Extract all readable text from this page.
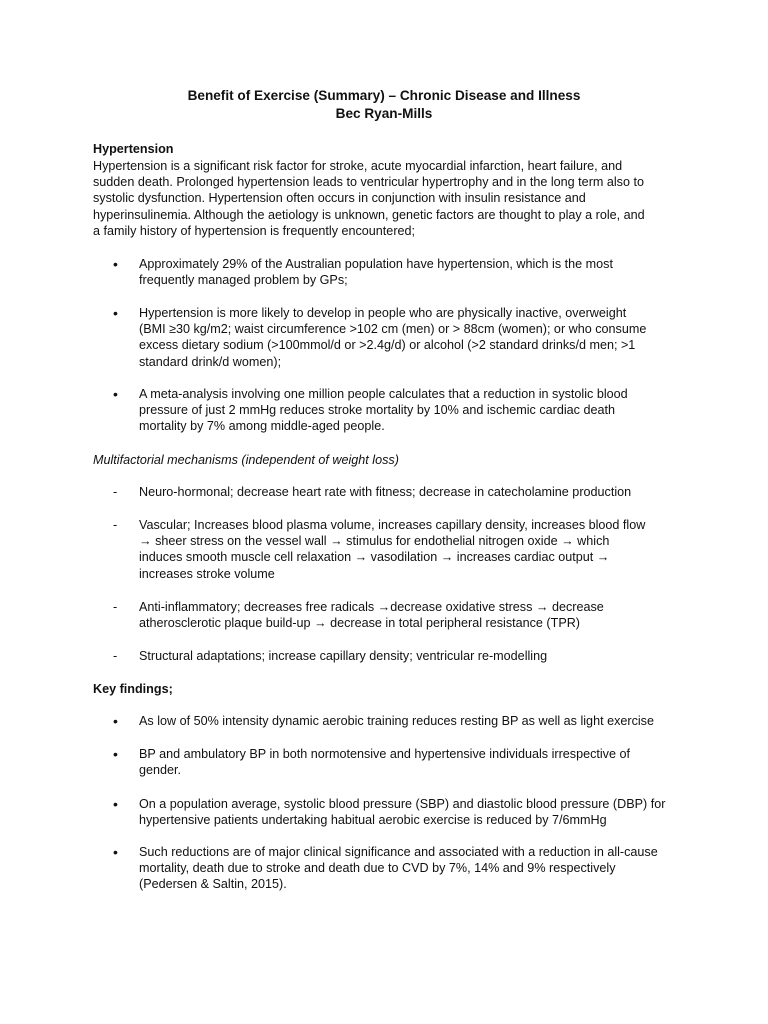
Benefit of Exercise (Summary) – Chronic Disease and Illness
Bec Ryan-Mills
Hypertension
Hypertension is a significant risk factor for stroke, acute myocardial infarction, heart failure, and
sudden death. Prolonged hypertension leads to ventricular hypertrophy and in the long term also to
systolic dysfunction. Hypertension often occurs in conjunction with insulin resistance and
hyperinsulinemia. Although the aetiology is unknown, genetic factors are thought to play a role, and
a family history of hypertension is frequently encountered;
•	Approximately 29% of the Australian population have hypertension, which is the most
frequently managed problem by GPs;
•	Hypertension is more likely to develop in people who are physically inactive, overweight
(BMI ≥30 kg/m2; waist circumference >102 cm (men) or > 88cm (women); or who consume
excess dietary sodium (>100mmol/d or >2.4g/d) or alcohol (>2 standard drinks/d men; >1
standard drink/d women);
•	A meta-analysis involving one million people calculates that a reduction in systolic blood
pressure of just 2 mmHg reduces stroke mortality by 10% and ischemic cardiac death
mortality by 7% among middle-aged people.
Multifactorial mechanisms (independent of weight loss)
-	Neuro-hormonal; decrease heart rate with fitness; decrease in catecholamine production
-	Vascular; Increases blood plasma volume, increases capillary density, increases blood flow
→ sheer stress on the vessel wall → stimulus for endothelial nitrogen oxide → which
induces smooth muscle cell relaxation → vasodilation → increases cardiac output →
increases stroke volume
-	Anti-inflammatory; decreases free radicals →decrease oxidative stress → decrease
atherosclerotic plaque build-up → decrease in total peripheral resistance (TPR)
-	Structural adaptations; increase capillary density; ventricular re-modelling
Key findings;
•	As low of 50% intensity dynamic aerobic training reduces resting BP as well as light exercise
•	BP and ambulatory BP in both normotensive and hypertensive individuals irrespective of
gender.
•	On a population average, systolic blood pressure (SBP) and diastolic blood pressure (DBP) for
hypertensive patients undertaking habitual aerobic exercise is reduced by 7/6mmHg
•	Such reductions are of major clinical significance and associated with a reduction in all-cause
mortality, death due to stroke and death due to CVD by 7%, 14% and 9% respectively
(Pedersen & Saltin, 2015).
